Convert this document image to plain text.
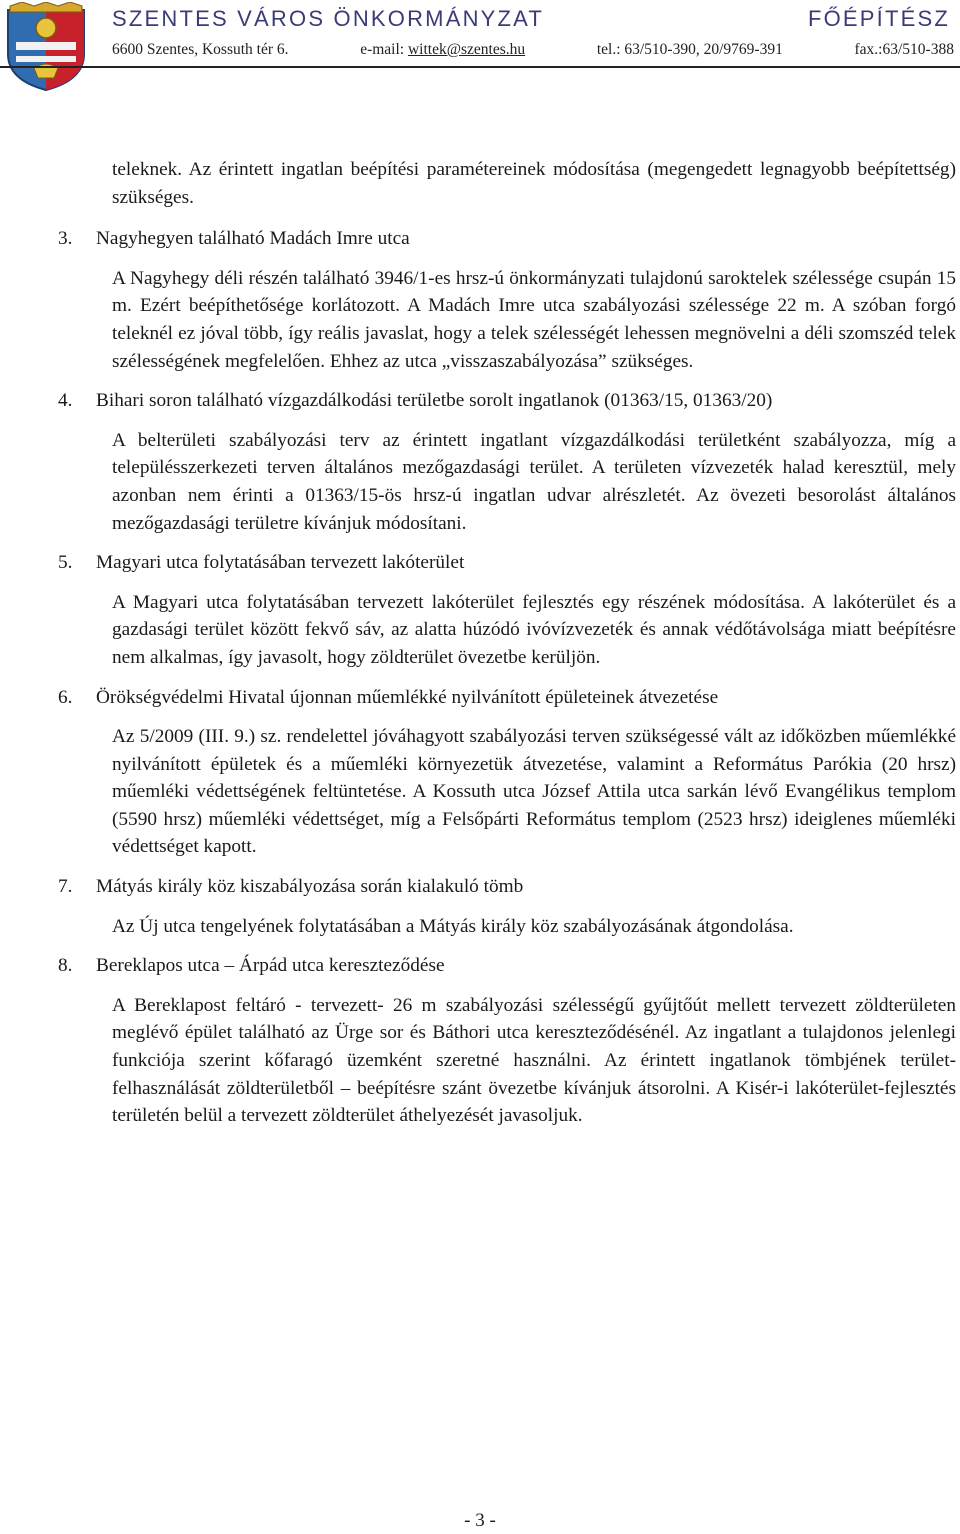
SZENTES VÁROS ÖNKORMÁNYZAT	FŐÉPÍTÉSZ
6600 Szentes, Kossuth tér 6.	e-mail: wittek@szentes.hu	tel.: 63/510-390, 20/9769-391	fax.:63/510-388

teleknek. Az érintett ingatlan beépítési paramétereinek módosítása (megengedett legnagyobb beépítettség) szükséges.

3. Nagyhegyen található Madách Imre utca

A Nagyhegy déli részén található 3946/1-es hrsz-ú önkormányzati tulajdonú saroktelek szélessége csupán 15 m. Ezért beépíthetősége korlátozott. A Madách Imre utca szabályozási szélessége 22 m. A szóban forgó teleknél ez jóval több, így reális javaslat, hogy a telek szélességét lehessen megnövelni a déli szomszéd telek szélességének megfelelően. Ehhez az utca „visszaszabályozása” szükséges.

4. Bihari soron található vízgazdálkodási területbe sorolt ingatlanok (01363/15, 01363/20)

A belterületi szabályozási terv az érintett ingatlant vízgazdálkodási területként szabályozza, míg a településszerkezeti terven általános mezőgazdasági terület. A területen vízvezeték halad keresztül, mely azonban nem érinti a 01363/15-ös hrsz-ú ingatlan udvar alrészletét. Az övezeti besorolást általános mezőgazdasági területre kívánjuk módosítani.

5. Magyari utca folytatásában tervezett lakóterület

A Magyari utca folytatásában tervezett lakóterület fejlesztés egy részének módosítása. A lakóterület és a gazdasági terület között fekvő sáv, az alatta húzódó ivóvízvezeték és annak védőtávolsága miatt beépítésre nem alkalmas, így javasolt, hogy zöldterület övezetbe kerüljön.

6. Örökségvédelmi Hivatal újonnan műemlékké nyilvánított épületeinek átvezetése

Az 5/2009 (III. 9.) sz. rendelettel jóváhagyott szabályozási terven szükségessé vált az időközben műemlékké nyilvánított épületek és a műemléki környezetük átvezetése, valamint a Református Parókia (20 hrsz) műemléki védettségének feltüntetése. A Kossuth utca József Attila utca sarkán lévő Evangélikus templom (5590 hrsz) műemléki védettséget, míg a Felsőpárti Református templom (2523 hrsz) ideiglenes műemléki védettséget kapott.

7. Mátyás király köz kiszabályozása során kialakuló tömb

Az Új utca tengelyének folytatásában a Mátyás király köz szabályozásának átgondolása.

8. Bereklapos utca – Árpád utca kereszteződése

A Bereklapost feltáró - tervezett- 26 m szabályozási szélességű gyűjtőút mellett tervezett zöldterületen meglévő épület található az Ürge sor és Báthori utca kereszteződésénél. Az ingatlant a tulajdonos jelenlegi funkciója szerint kőfaragó üzemként szeretné használni. Az érintett ingatlanok tömbjének terület-felhasználását zöldterületből – beépítésre szánt övezetbe kívánjuk átsorolni. A Kisér-i lakóterület-fejlesztés területén belül a tervezett zöldterület áthelyezését javasoljuk.

- 3 -
